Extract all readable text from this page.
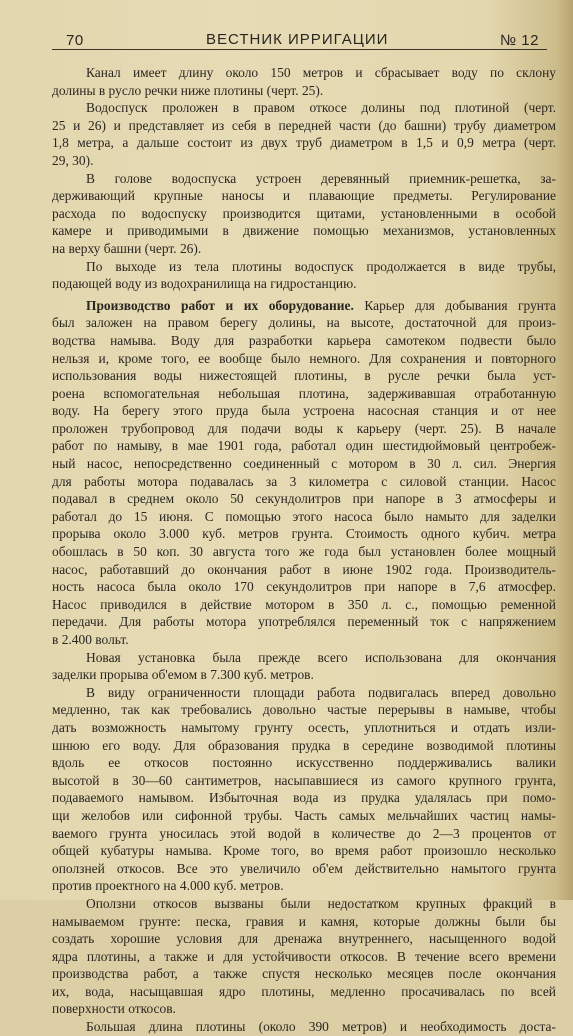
70	ВЕСТНИК ИРРИГАЦИИ	№ 12

Канал имеет длину около 150 метров и сбрасывает воду по склону
долины в русло речки ниже плотины (черт. 25).

Водоспуск проложен в правом откосе долины под плотиной (черт.
25 и 26) и представляет из себя в передней части (до башни) трубу диаметром
1,8 метра, а дальше состоит из двух труб диаметром в 1,5 и 0,9 метра (черт.
29, 30).

В голове водоспуска устроен деревянный приемник-решетка, за-
держивающий крупные наносы и плавающие предметы. Регулирование
расхода по водоспуску производится щитами, установленными в особой
камере и приводимыми в движение помощью механизмов, установленных
на верху башни (черт. 26).

По выходе из тела плотины водоспуск продолжается в виде трубы,
подающей воду из водохранилища на гидростанцию.

Производство работ и их оборудование. Карьер для добывания грунта
был заложен на правом берегу долины, на высоте, достаточной для произ-
водства намыва. Воду для разработки карьера самотеком подвести было
нельзя и, кроме того, ее вообще было немного. Для сохранения и повторного
использования воды нижестоящей плотины, в русле речки была уст-
роена вспомогательная небольшая плотина, задерживавшая отработанную
воду. На берегу этого пруда была устроена насосная станция и от нее
проложен трубопровод для подачи воды к карьеру (черт. 25). В начале
работ по намыву, в мае 1901 года, работал один шестидюймовый центробеж-
ный насос, непосредственно соединенный с мотором в 30 л. сил. Энергия
для работы мотора подавалась за 3 километра с силовой станции. Насос
подавал в среднем около 50 секундолитров при напоре в 3 атмосферы и
работал до 15 июня. С помощью этого насоса было намыто для заделки
прорыва около 3.000 куб. метров грунта. Стоимость одного кубич. метра
обошлась в 50 коп. 30 августа того же года был установлен более мощный
насос, работавший до окончания работ в июне 1902 года. Производитель-
ность насоса была около 170 секундолитров при напоре в 7,6 атмосфер.
Насос приводился в действие мотором в 350 л. с., помощью ременной
передачи. Для работы мотора употреблялся переменный ток с напряжением
в 2.400 вольт.

Новая установка была прежде всего использована для окончания
заделки прорыва об'емом в 7.300 куб. метров.

В виду ограниченности площади работа подвигалась вперед довольно
медленно, так как требовались довольно частые перерывы в намыве, чтобы
дать возможность намытому грунту осесть, уплотниться и отдать изли-
шнюю его воду. Для образования прудка в середине возводимой плотины
вдоль ее откосов постоянно искусственно поддерживались валики
высотой в 30—60 сантиметров, насыпавшиеся из самого крупного грунта,
подаваемого намывом. Избыточная вода из прудка удалялась при помо-
щи желобов или сифонной трубы. Часть самых мельчайших частиц намы-
ваемого грунта уносилась этой водой в количестве до 2—3 процентов от
общей кубатуры намыва. Кроме того, во время работ произошло несколько
оползней откосов. Все это увеличило об'ем действительно намытого грунта
против проектного на 4.000 куб. метров.

Оползни откосов вызваны были недостатком крупных фракций в
намываемом грунте: песка, гравия и камня, которые должны были бы
создать хорошие условия для дренажа внутреннего, насыщенного водой
ядра плотины, а также и для устойчивости откосов. В течение всего времени
производства работ, а также спустя несколько месяцев после окончания
их, вода, насыщавшая ядро плотины, медленно просачивалась по всей
поверхности откосов.

Большая длина плотины (около 390 метров) и необходимость доста-
